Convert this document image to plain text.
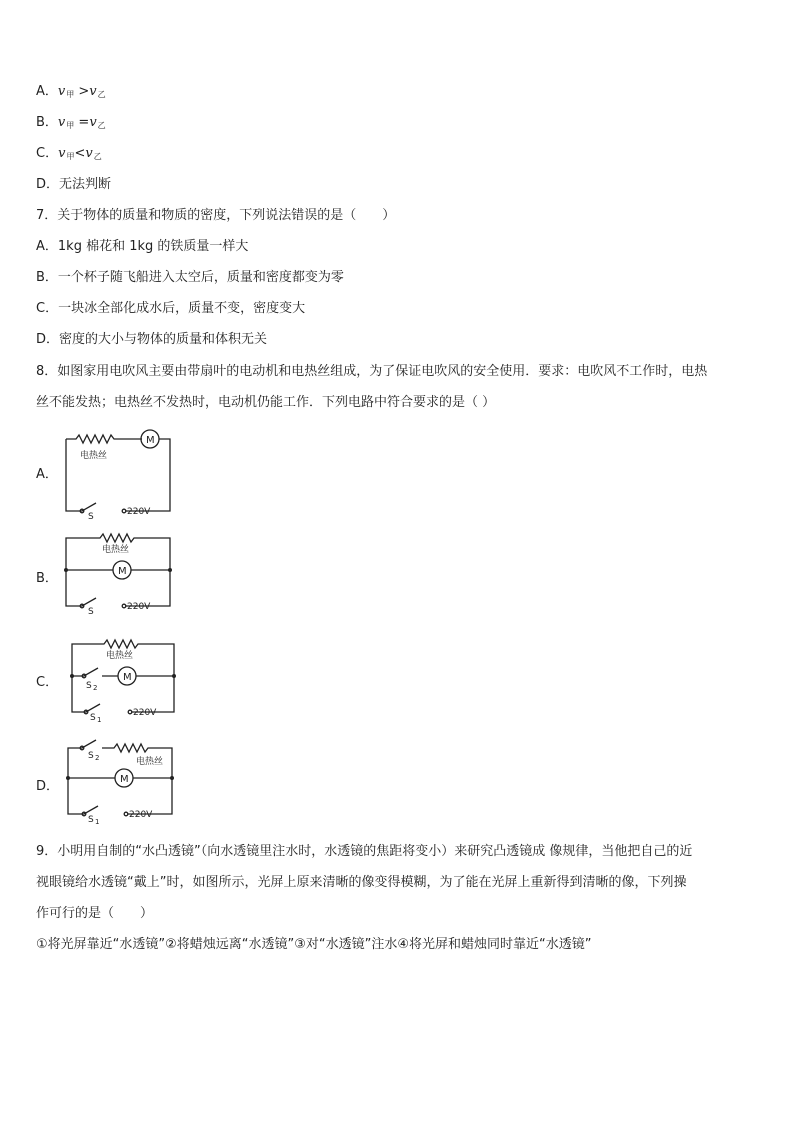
A．$v_甲 >v_乙$
B．$v_甲 =v_乙$
C．$v_甲<v_乙$
D．无法判断
7．关于物体的质量和物质的密度，下列说法错误的是（　　）
A．1kg 棉花和 1kg 的铁质量一样大
B．一个杯子随飞船进入太空后，质量和密度都变为零
C．一块冰全部化成水后，质量不变，密度变大
D．密度的大小与物体的质量和体积无关
8．如图家用电吹风主要由带扇叶的电动机和电热丝组成，为了保证电吹风的安全使用．要求：电吹风不工作时，电热
丝不能发热；电热丝不发热时，电动机仍能工作．下列电路中符合要求的是（ ）
A．
M
电热丝
S	220V
B．
电热丝
M
S	220V
C．
电热丝
M
S 2
S 1
220V
D．
S 2	电热丝
M
S 1
220V
9．小明用自制的“水凸透镜”（向水透镜里注水时，水透镜的焦距将变小）来研究凸透镜成 像规律，当他把自己的近
视眼镜给水透镜“戴上”时，如图所示，光屏上原来清晰的像变得模糊，为了能在光屏上重新得到清晰的像，下列操
作可行的是（　　）
①将光屏靠近“水透镜”②将蜡烛远离“水透镜”③对“水透镜”注水④将光屏和蜡烛同时靠近“水透镜”
